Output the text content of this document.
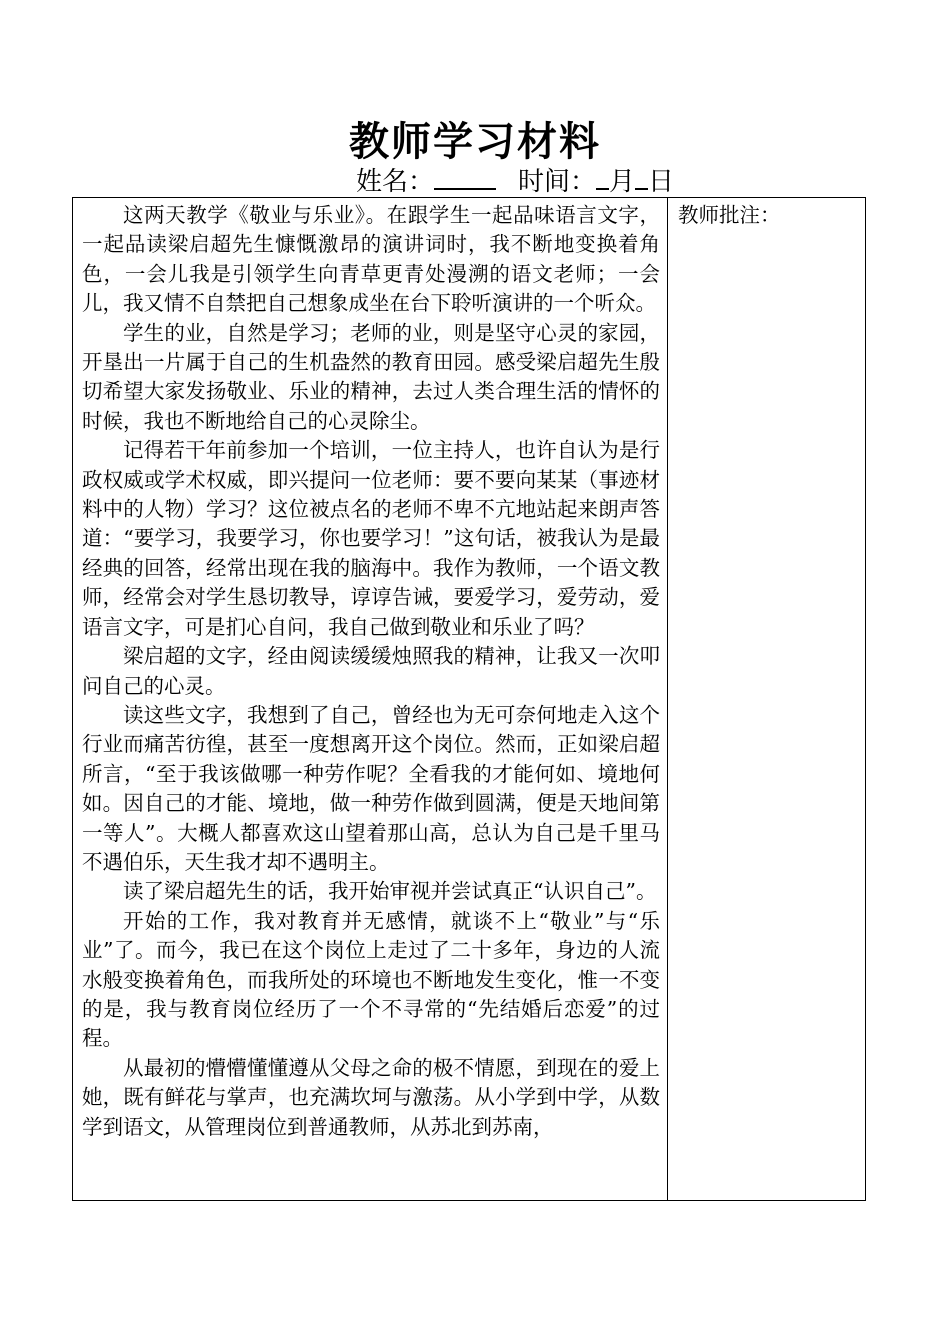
教师学习材料
姓名：	时间： 月 日

这两天教学《敬业与乐业》。在跟学生一起品味语言文字，一起品读梁启超先生慷慨激昂的演讲词时，我不断地变换着角色，一会儿我是引领学生向青草更青处漫溯的语文老师；一会儿，我又情不自禁把自己想象成坐在台下聆听演讲的一个听众。

学生的业，自然是学习；老师的业，则是坚守心灵的家园，开垦出一片属于自己的生机盎然的教育田园。感受梁启超先生殷切希望大家发扬敬业、乐业的精神，去过人类合理生活的情怀的时候，我也不断地给自己的心灵除尘。

记得若干年前参加一个培训，一位主持人，也许自认为是行政权威或学术权威，即兴提问一位老师：要不要向某某（事迹材料中的人物）学习？这位被点名的老师不卑不亢地站起来朗声答道：“要学习，我要学习，你也要学习！”这句话，被我认为是最经典的回答，经常出现在我的脑海中。我作为教师，一个语文教师，经常会对学生恳切教导，谆谆告诫，要爱学习，爱劳动，爱语言文字，可是扪心自问，我自己做到敬业和乐业了吗？

梁启超的文字，经由阅读缓缓烛照我的精神，让我又一次叩问自己的心灵。

读这些文字，我想到了自己，曾经也为无可奈何地走入这个行业而痛苦彷徨，甚至一度想离开这个岗位。然而，正如梁启超所言，“至于我该做哪一种劳作呢？全看我的才能何如、境地何如。因自己的才能、境地，做一种劳作做到圆满，便是天地间第一等人”。大概人都喜欢这山望着那山高，总认为自己是千里马不遇伯乐，天生我才却不遇明主。

读了梁启超先生的话，我开始审视并尝试真正“认识自己”。

开始的工作，我对教育并无感情，就谈不上“敬业”与“乐业”了。而今，我已在这个岗位上走过了二十多年，身边的人流水般变换着角色，而我所处的环境也不断地发生变化，惟一不变的是，我与教育岗位经历了一个不寻常的“先结婚后恋爱”的过程。

从最初的懵懵懂懂遵从父母之命的极不情愿，到现在的爱上她，既有鲜花与掌声，也充满坎坷与激荡。从小学到中学，从数学到语文，从管理岗位到普通教师，从苏北到苏南，

教师批注：
